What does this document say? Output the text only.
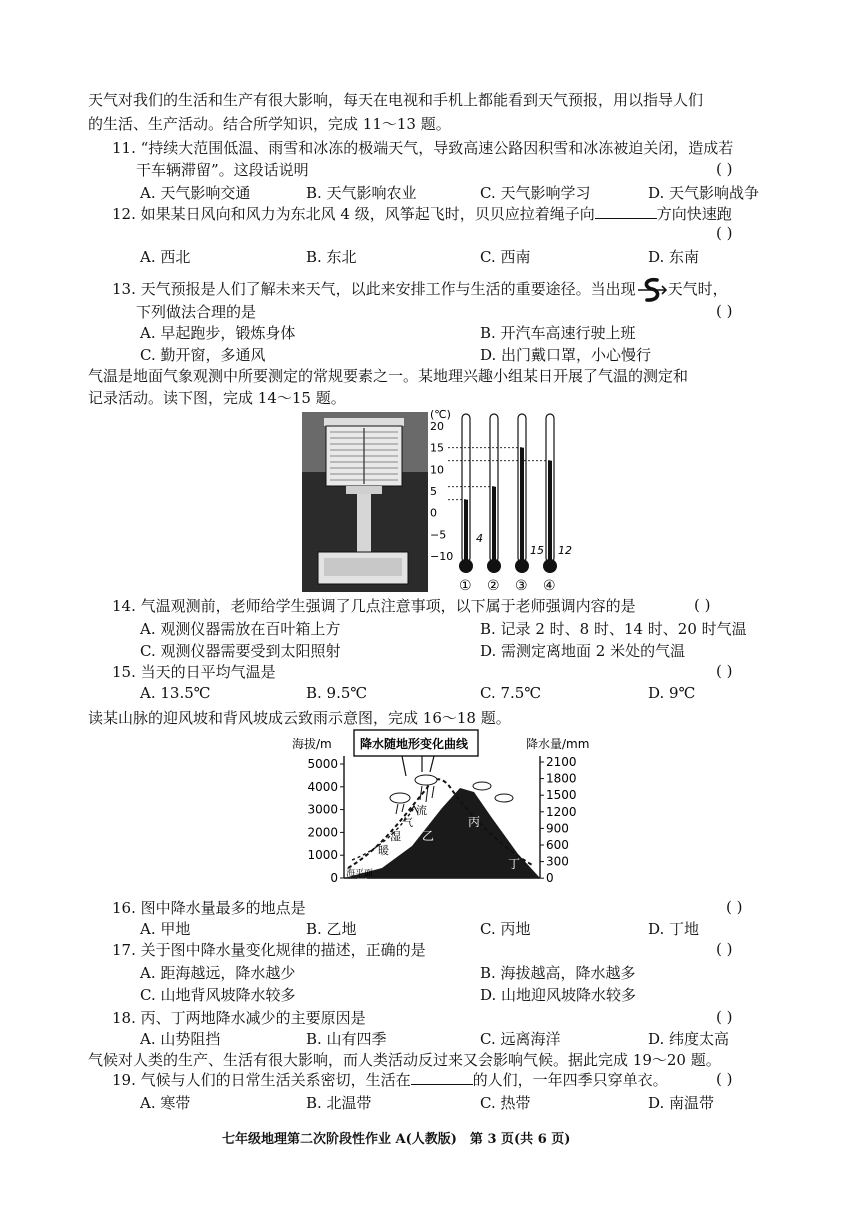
天气对我们的生活和生产有很大影响，每天在电视和手机上都能看到天气预报，用以指导人们
的生活、生产活动。结合所学知识，完成 11～13 题。
11. “持续大范围低温、雨雪和冰冻的极端天气，导致高速公路因积雪和冰冻被迫关闭，造成若
干车辆滞留”。这段话说明	( )
A. 天气影响交通	B. 天气影响农业	C. 天气影响学习	D. 天气影响战争
12. 如果某日风向和风力为东北风 4 级，风筝起飞时，贝贝应拉着绳子向	方向快速跑
( )
A. 西北	B. 东北	C. 西南	D. 东南
13. 天气预报是人们了解未来天气，以此来安排工作与生活的重要途径。当出现 天气时，
下列做法合理的是	( )
A. 早起跑步，锻炼身体	B. 开汽车高速行驶上班
C. 勤开窗，多通风	D. 出门戴口罩，小心慢行
气温是地面气象观测中所要测定的常规要素之一。某地理兴趣小组某日开展了气温的测定和
记录活动。读下图，完成 14～15 题。
(℃)
20
15
10
5
0
−5
−10
① ② ③ ④
4
15 12
14. 气温观测前，老师给学生强调了几点注意事项，以下属于老师强调内容的是	( )
A. 观测仪器需放在百叶箱上方	B. 记录 2 时、8 时、14 时、20 时气温
C. 观测仪器需要受到太阳照射	D. 需测定离地面 2 米处的气温
15. 当天的日平均气温是	( )
A. 13.5℃	B. 9.5℃	C. 7.5℃	D. 9℃
读某山脉的迎风坡和背风坡成云致雨示意图，完成 16～18 题。
海拔/m	降水量/mm
降水随地形变化曲线
5000
4000
3000
2000
1000
0
2100
1800
1500
1200
900
600
300
0
暖
湿
气
流
甲
乙
丙
丁
海平面
16. 图中降水量最多的地点是	( )
A. 甲地	B. 乙地	C. 丙地	D. 丁地
17. 关于图中降水量变化规律的描述，正确的是	( )
A. 距海越远，降水越少	B. 海拔越高，降水越多
C. 山地背风坡降水较多	D. 山地迎风坡降水较多
18. 丙、丁两地降水减少的主要原因是	( )
A. 山势阻挡	B. 山有四季	C. 远离海洋	D. 纬度太高
气候对人类的生产、生活有很大影响，而人类活动反过来又会影响气候。据此完成 19～20 题。
19. 气候与人们的日常生活关系密切，生活在	的人们，一年四季只穿单衣。	( )
A. 寒带	B. 北温带	C. 热带	D. 南温带
七年级地理第二次阶段性作业 A(人教版)　第 3 页(共 6 页)
